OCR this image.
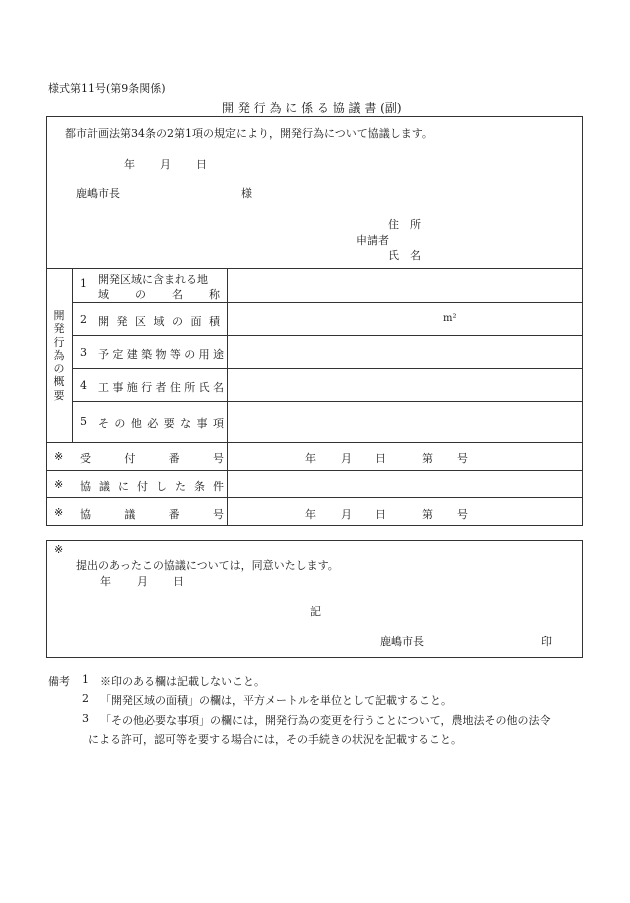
様式第11号(第9条関係)
開 発 行 為 に 係 る 協 議 書 (副)
都市計画法第34条の2第1項の規定により，開発行為について協議します。
年 月 日
鹿嶋市長	様
住　所
申請者
氏　名
開
発
行
為
の
概
要
1 開発区域に含まれる地
域 の 名 称
2 開 発 区 域 の 面 積	m²
3 予 定 建 築 物 等 の 用 途
4 工 事 施 行 者 住 所 氏 名
5 そ の 他 必 要 な 事 項
※ 受	付	番	号	年 月 日	第 号
※ 協 議 に 付 し た 条 件
※ 協	議	番	号	年 月 日	第 号
※
提出のあったこの協議については，同意いたします。
年 月 日
記
鹿嶋市長	印
備考 1 ※印のある欄は記載しないこと。
2 「開発区域の面積」の欄は，平方メートルを単位として記載すること。
3 「その他必要な事項」の欄には，開発行為の変更を行うことについて，農地法その他の法令
による許可，認可等を要する場合には，その手続きの状況を記載すること。
